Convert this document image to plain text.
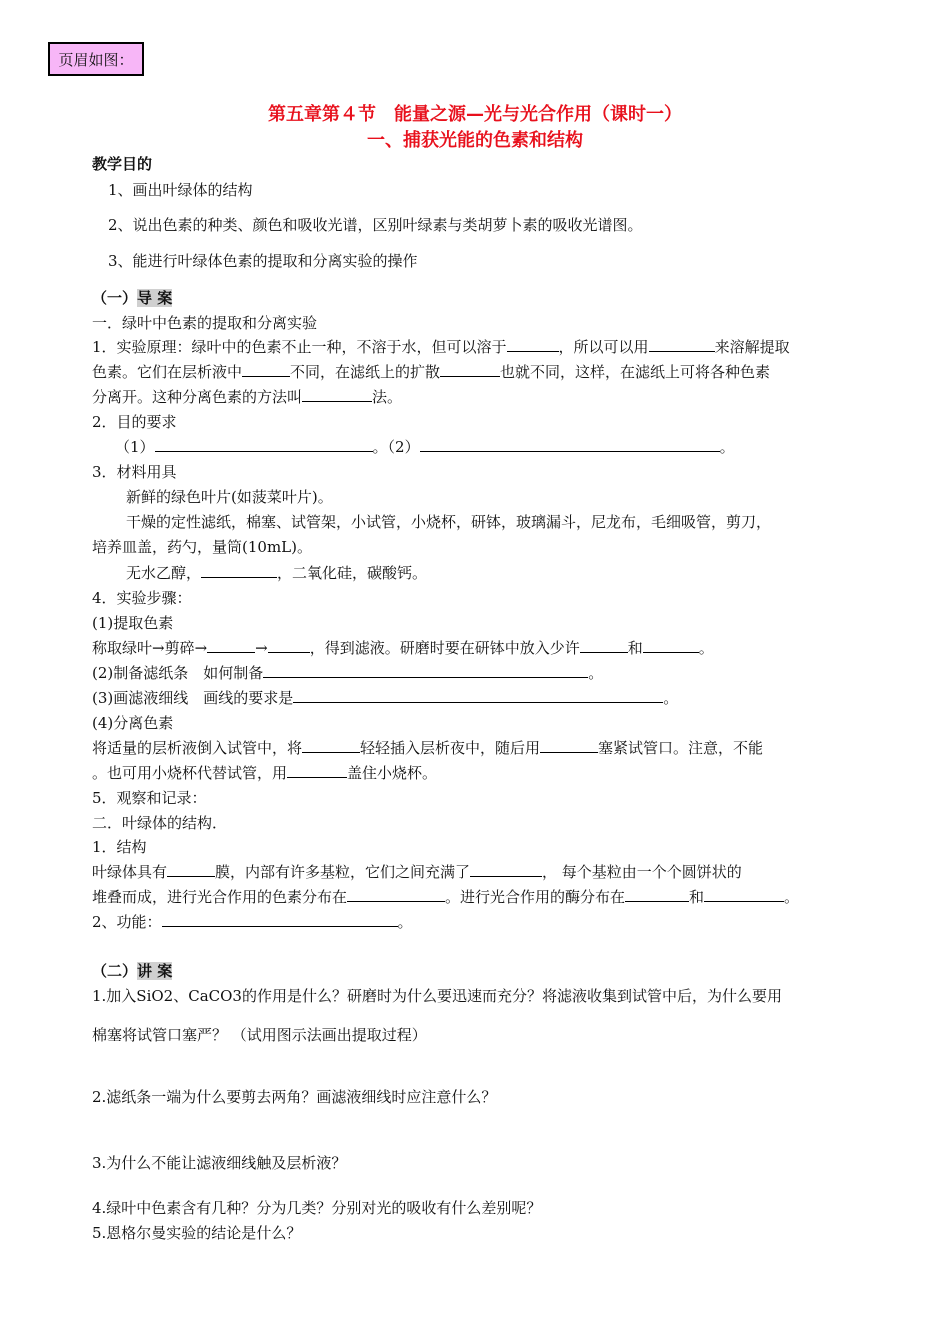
页眉如图：
第五章第４节　能量之源—光与光合作用（课时一）
一、捕获光能的色素和结构
教学目的
1、画出叶绿体的结构
2、说出色素的种类、颜色和吸收光谱，区别叶绿素与类胡萝卜素的吸收光谱图。
3、能进行叶绿体色素的提取和分离实验的操作
（一）导 案
一．绿叶中色素的提取和分离实验
1．实验原理：绿叶中的色素不止一种，不溶于水，但可以溶于	，所以可以用	来溶解提取
色素。它们在层析液中	不同，在滤纸上的扩散	也就不同，这样，在滤纸上可将各种色素
分离开。这种分离色素的方法叫	法。
2．目的要求
（1）	。（2）	。
3．材料用具
新鲜的绿色叶片(如菠菜叶片)。
干燥的定性滤纸，棉塞、试管架，小试管，小烧杯，研钵，玻璃漏斗，尼龙布，毛细吸管，剪刀，
培养皿盖，药勺，量筒(10mL)。
无水乙醇，	，二氧化硅，碳酸钙。
4．实验步骤：
(1)提取色素
称取绿叶→剪碎→	→	，得到滤液。研磨时要在研钵中放入少许	和	。
(2)制备滤纸条　如何制备	。
(3)画滤液细线　画线的要求是	。
(4)分离色素
将适量的层析液倒入试管中，将	轻轻插入层析夜中，随后用	塞紧试管口。注意，不能
。也可用小烧杯代替试管，用	盖住小烧杯。
5．观察和记录：
二．叶绿体的结构．
1．结构
叶绿体具有	膜，内部有许多基粒，它们之间充满了	， 每个基粒由一个个圆饼状的
堆叠而成，进行光合作用的色素分布在	。进行光合作用的酶分布在	和	。
2、功能：	。
（二）讲 案
1.加入SiO2、CaCO3的作用是什么？研磨时为什么要迅速而充分？将滤液收集到试管中后，为什么要用
棉塞将试管口塞严？ （试用图示法画出提取过程）
2.滤纸条一端为什么要剪去两角？画滤液细线时应注意什么？
3.为什么不能让滤液细线触及层析液？
4.绿叶中色素含有几种？分为几类？分别对光的吸收有什么差别呢？
5.恩格尔曼实验的结论是什么？
